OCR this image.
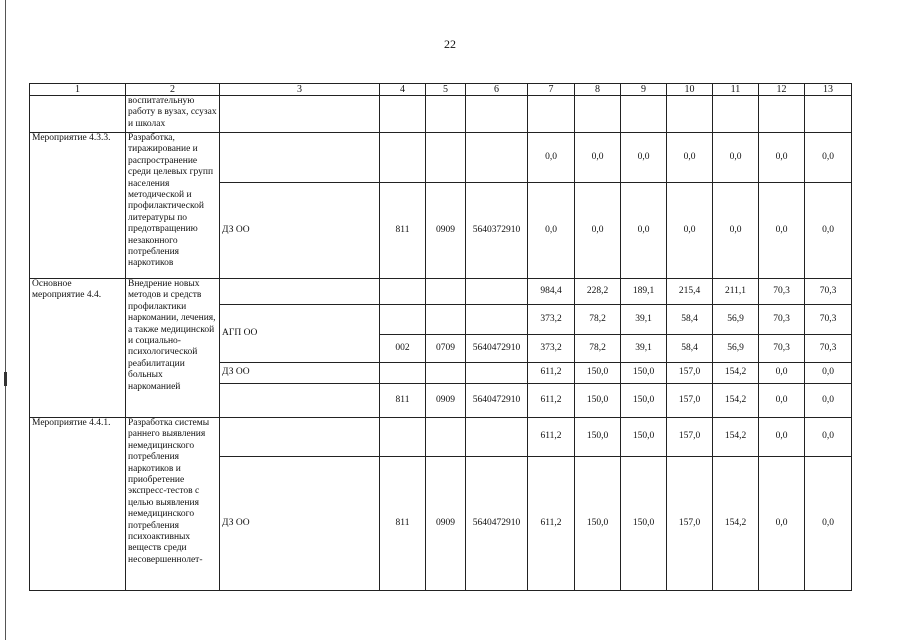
22
1	2	3	4	5	6	7	8	9	10	11	12	13
	воспитательную работу в вузах, ссузах и школах											
Мероприятие 4.3.3.	Разработка, тиражирование и распространение среди целевых групп населения методической и профилактической литературы по предотвращению незаконного потребления наркотиков					0,0	0,0	0,0	0,0	0,0	0,0	0,0
		ДЗ ОО	811	0909	5640372910	0,0	0,0	0,0	0,0	0,0	0,0	0,0
Основное мероприятие 4.4.	Внедрение новых методов и средств профилактики наркомании, лечения, а также медицинской и социально-психологической реабилитации больных наркоманией					984,4	228,2	189,1	215,4	211,1	70,3	70,3
		АГП ОО				373,2	78,2	39,1	58,4	56,9	70,3	70,3
			002	0709	5640472910	373,2	78,2	39,1	58,4	56,9	70,3	70,3
		ДЗ ОО				611,2	150,0	150,0	157,0	154,2	0,0	0,0
			811	0909	5640472910	611,2	150,0	150,0	157,0	154,2	0,0	0,0
Мероприятие 4.4.1.	Разработка системы раннего выявления немедицинского потребления наркотиков и приобретение экспресс-тестов с целью выявления немедицинского потребления психоактивных веществ среди несовершеннолет-					611,2	150,0	150,0	157,0	154,2	0,0	0,0
		ДЗ ОО	811	0909	5640472910	611,2	150,0	150,0	157,0	154,2	0,0	0,0
